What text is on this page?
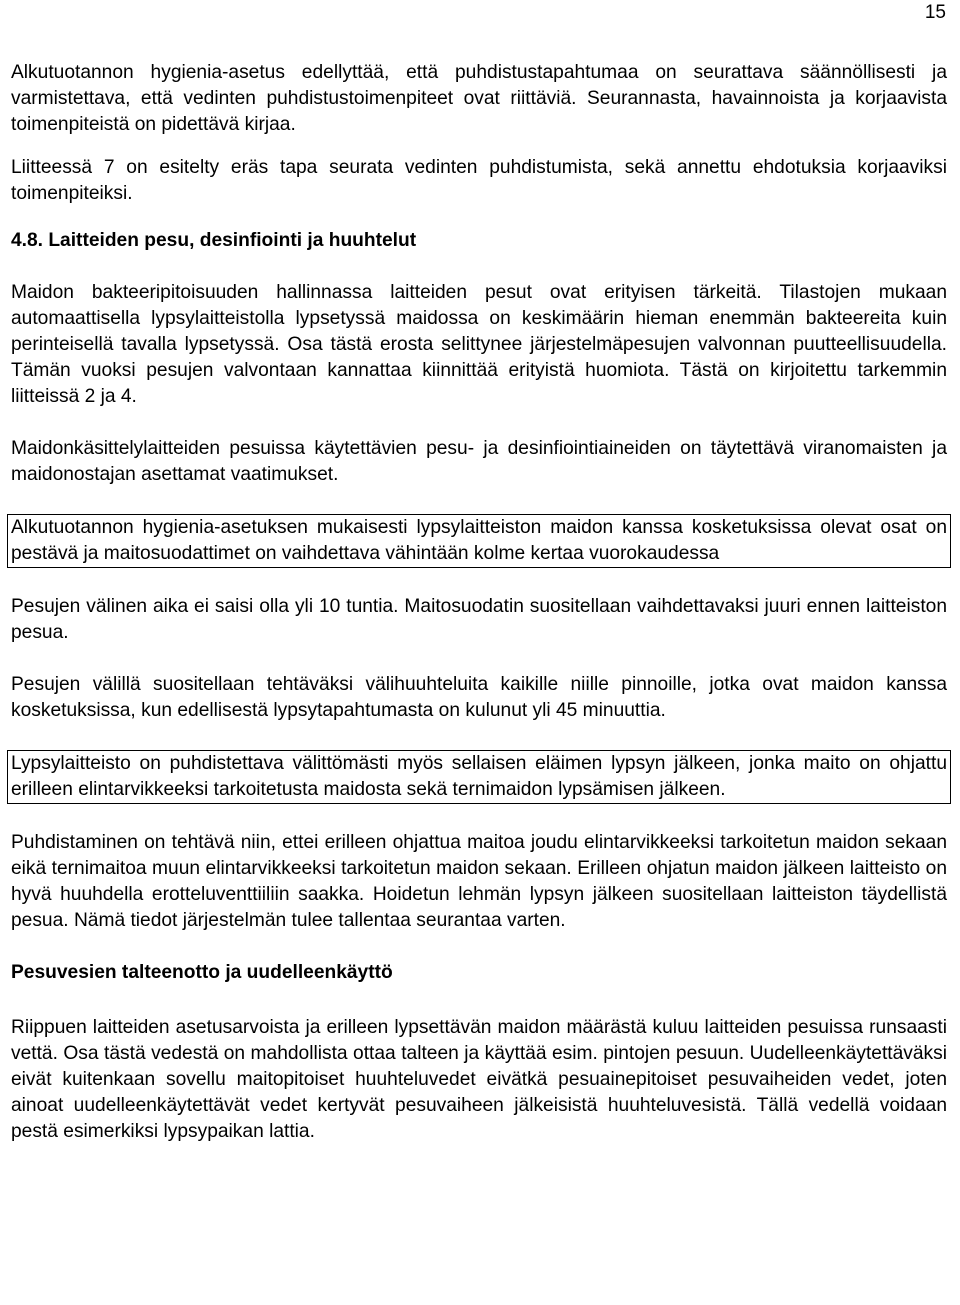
15

Alkutuotannon hygienia-asetus edellyttää, että puhdistustapahtumaa on seurattava säännöllisesti ja varmistettava, että vedinten puhdistustoimenpiteet ovat riittäviä. Seurannasta, havainnoista ja korjaavista toimenpiteistä on pidettävä kirjaa.

Liitteessä 7 on esitelty eräs tapa seurata vedinten puhdistumista, sekä annettu ehdotuksia korjaaviksi toimenpiteiksi.

4.8. Laitteiden pesu, desinfiointi ja huuhtelut

Maidon bakteeripitoisuuden hallinnassa laitteiden pesut ovat erityisen tärkeitä. Tilastojen mukaan automaattisella lypsylaitteistolla lypsetyssä maidossa on keskimäärin hieman enemmän bakteereita kuin perinteisellä tavalla lypsetyssä. Osa tästä erosta selittynee järjestelmäpesujen valvonnan puutteellisuudella. Tämän vuoksi pesujen valvontaan kannattaa kiinnittää erityistä huomiota. Tästä on kirjoitettu tarkemmin liitteissä 2 ja 4.

Maidonkäsittelylaitteiden pesuissa käytettävien pesu- ja desinfiointiaineiden on täytettävä viranomaisten ja maidonostajan asettamat vaatimukset.

Alkutuotannon hygienia-asetuksen mukaisesti lypsylaitteiston maidon kanssa kosketuksissa olevat osat on pestävä ja maitosuodattimet on vaihdettava vähintään kolme kertaa vuorokaudessa

Pesujen välinen aika ei saisi olla yli 10 tuntia. Maitosuodatin suositellaan vaihdettavaksi juuri ennen laitteiston pesua.

Pesujen välillä suositellaan tehtäväksi välihuuhteluita kaikille niille pinnoille, jotka ovat maidon kanssa kosketuksissa, kun edellisestä lypsytapahtumasta on kulunut yli 45 minuuttia.

Lypsylaitteisto on puhdistettava välittömästi myös sellaisen eläimen lypsyn jälkeen, jonka maito on ohjattu erilleen elintarvikkeeksi tarkoitetusta maidosta sekä ternimaidon lypsämisen jälkeen.

Puhdistaminen on tehtävä niin, ettei erilleen ohjattua maitoa joudu elintarvikkeeksi tarkoitetun maidon sekaan eikä ternimaitoa muun elintarvikkeeksi tarkoitetun maidon sekaan. Erilleen ohjatun maidon jälkeen laitteisto on hyvä huuhdella erotteluventtiiliin saakka. Hoidetun lehmän lypsyn jälkeen suositellaan laitteiston täydellistä pesua. Nämä tiedot järjestelmän tulee tallentaa seurantaa varten.

Pesuvesien talteenotto ja uudelleenkäyttö

Riippuen laitteiden asetusarvoista ja erilleen lypsettävän maidon määrästä kuluu laitteiden pesuissa runsaasti vettä. Osa tästä vedestä on mahdollista ottaa talteen ja käyttää esim. pintojen pesuun. Uudelleenkäytettäväksi eivät kuitenkaan sovellu maitopitoiset huuhteluvedet eivätkä pesuainepitoiset pesuvaiheiden vedet, joten ainoat uudelleenkäytettävät vedet kertyvät pesuvaiheen jälkeisistä huuhteluvesistä. Tällä vedellä voidaan pestä esimerkiksi lypsypaikan lattia.
